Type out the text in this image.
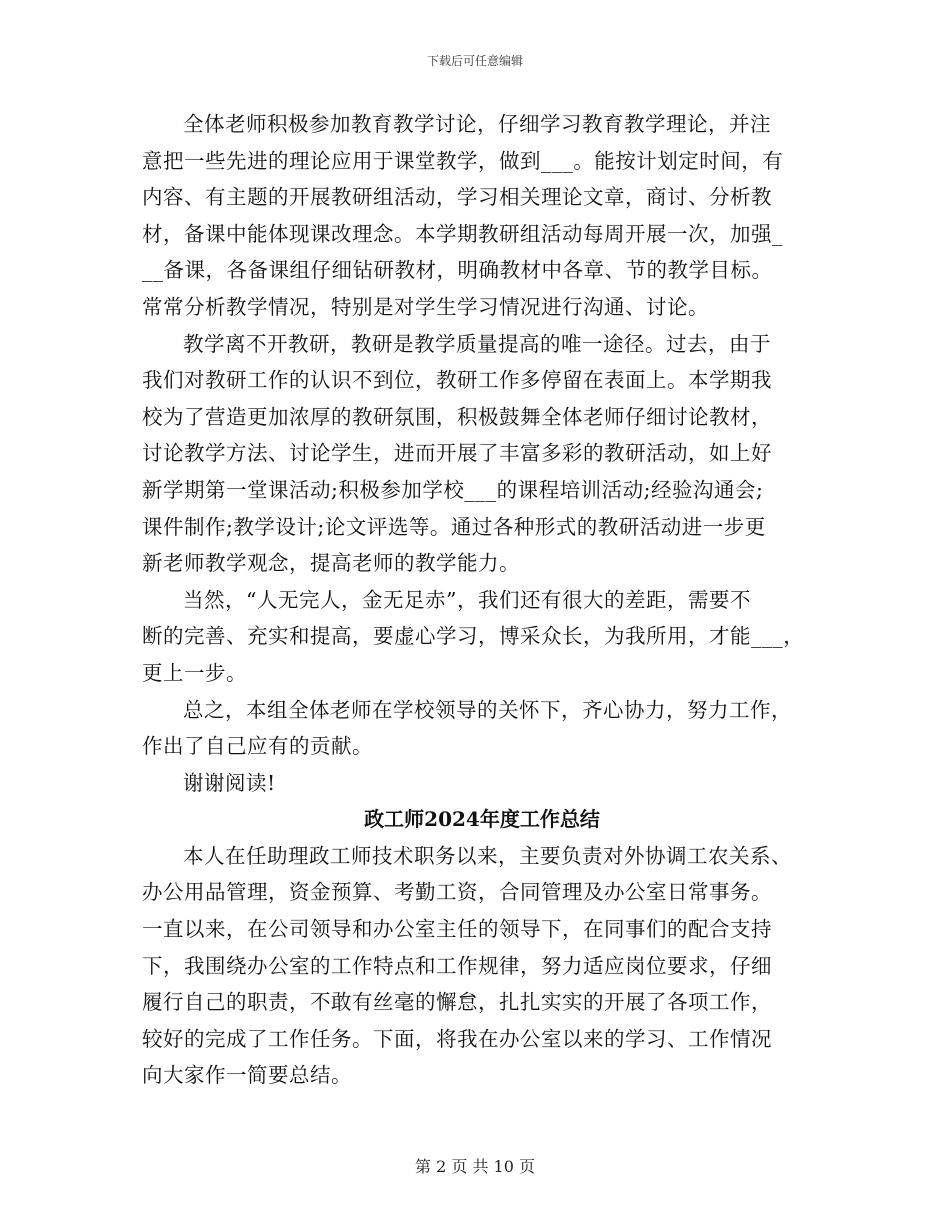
下载后可任意编辑
全体老师积极参加教育教学讨论，仔细学习教育教学理论，并注
意把一些先进的理论应用于课堂教学，做到___。能按计划定时间，有
内容、有主题的开展教研组活动，学习相关理论文章，商讨、分析教
材，备课中能体现课改理念。本学期教研组活动每周开展一次，加强_
__备课，各备课组仔细钻研教材，明确教材中各章、节的教学目标。
常常分析教学情况，特别是对学生学习情况进行沟通、讨论。
教学离不开教研，教研是教学质量提高的唯一途径。过去，由于
我们对教研工作的认识不到位，教研工作多停留在表面上。本学期我
校为了营造更加浓厚的教研氛围，积极鼓舞全体老师仔细讨论教材，
讨论教学方法、讨论学生，进而开展了丰富多彩的教研活动，如上好
新学期第一堂课活动;积极参加学校___的课程培训活动;经验沟通会;
课件制作;教学设计;论文评选等。通过各种形式的教研活动进一步更
新老师教学观念，提高老师的教学能力。
当然，“人无完人，金无足赤”，我们还有很大的差距，需要不
断的完善、充实和提高，要虚心学习，博采众长，为我所用，才能___，
更上一步。
总之，本组全体老师在学校领导的关怀下，齐心协力，努力工作，
作出了自己应有的贡献。
谢谢阅读!
政工师2024年度工作总结
本人在任助理政工师技术职务以来，主要负责对外协调工农关系、
办公用品管理，资金预算、考勤工资，合同管理及办公室日常事务。
一直以来，在公司领导和办公室主任的领导下，在同事们的配合支持
下，我围绕办公室的工作特点和工作规律，努力适应岗位要求，仔细
履行自己的职责，不敢有丝毫的懈怠，扎扎实实的开展了各项工作，
较好的完成了工作任务。下面，将我在办公室以来的学习、工作情况
向大家作一简要总结。
第 2 页 共 10 页
